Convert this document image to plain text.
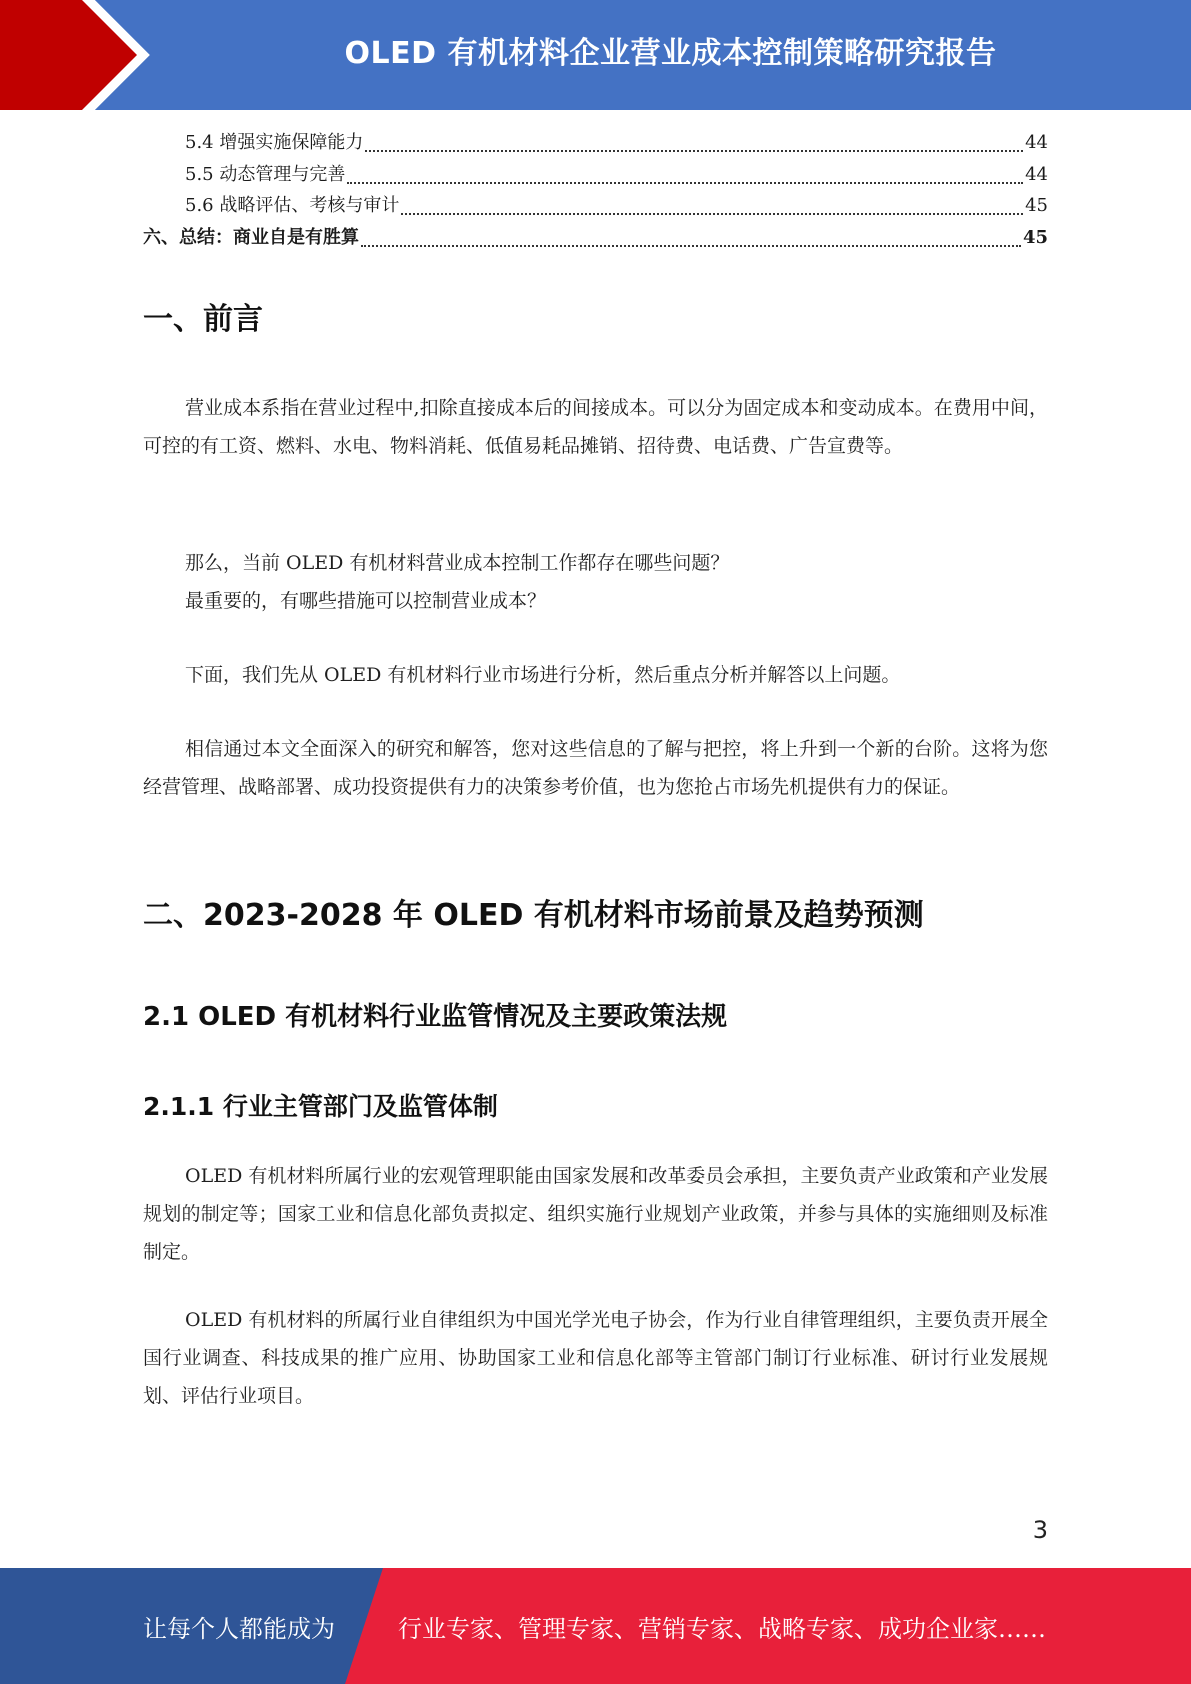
OLED 有机材料企业营业成本控制策略研究报告
5.4 增强实施保障能力	44
5.5 动态管理与完善	44
5.6 战略评估、考核与审计	45
六、总结：商业自是有胜算	45
一、前言

营业成本系指在营业过程中,扣除直接成本后的间接成本。可以分为固定成本和变动成本。在费用中间，可控的有工资、燃料、水电、物料消耗、低值易耗品摊销、招待费、电话费、广告宣费等。

那么，当前 OLED 有机材料营业成本控制工作都存在哪些问题？

最重要的，有哪些措施可以控制营业成本？

下面，我们先从 OLED 有机材料行业市场进行分析，然后重点分析并解答以上问题。

相信通过本文全面深入的研究和解答，您对这些信息的了解与把控，将上升到一个新的台阶。这将为您经营管理、战略部署、成功投资提供有力的决策参考价值，也为您抢占市场先机提供有力的保证。

二、2023-2028 年 OLED 有机材料市场前景及趋势预测
2.1 OLED 有机材料行业监管情况及主要政策法规
2.1.1 行业主管部门及监管体制

OLED 有机材料所属行业的宏观管理职能由国家发展和改革委员会承担，主要负责产业政策和产业发展规划的制定等；国家工业和信息化部负责拟定、组织实施行业规划产业政策，并参与具体的实施细则及标准制定。

OLED 有机材料的所属行业自律组织为中国光学光电子协会，作为行业自律管理组织，主要负责开展全国行业调查、科技成果的推广应用、协助国家工业和信息化部等主管部门制订行业标准、研讨行业发展规划、评估行业项目。

3
让每个人都能成为	行业专家、管理专家、营销专家、战略专家、成功企业家……
